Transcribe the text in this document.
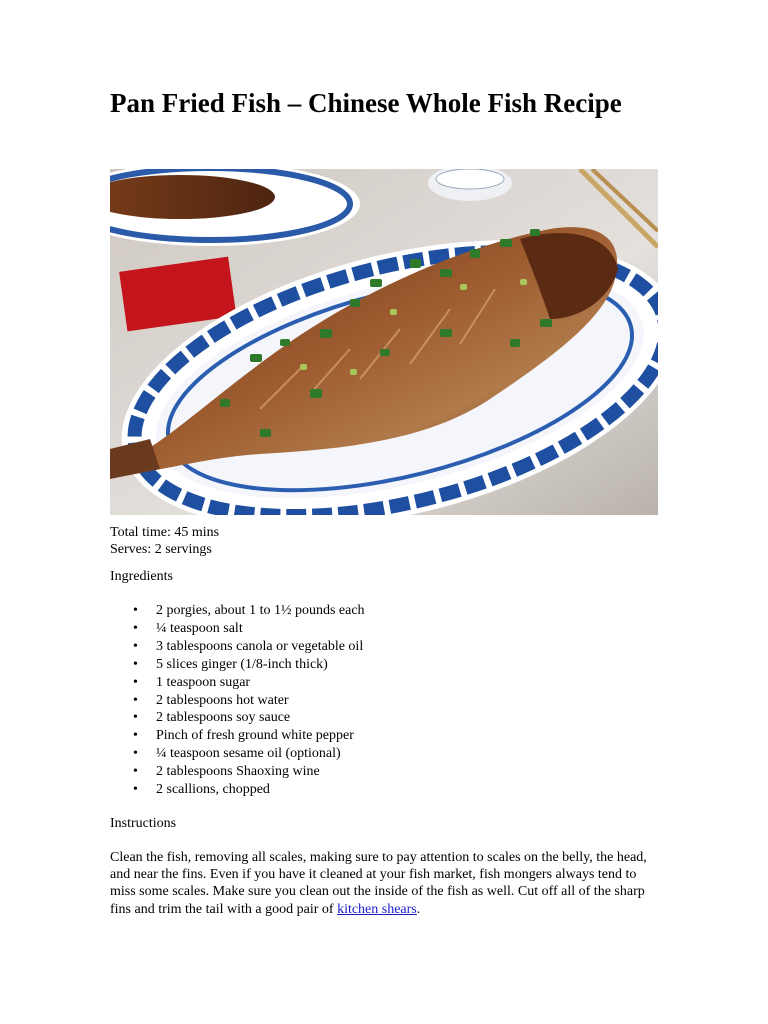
Pan Fried Fish – Chinese Whole Fish Recipe
Total time: 45 mins
Serves: 2 servings
Ingredients
• 2 porgies, about 1 to 1½ pounds each
• ¼ teaspoon salt
• 3 tablespoons canola or vegetable oil
• 5 slices ginger (1/8-inch thick)
• 1 teaspoon sugar
• 2 tablespoons hot water
• 2 tablespoons soy sauce
• Pinch of fresh ground white pepper
• ¼ teaspoon sesame oil (optional)
• 2 tablespoons Shaoxing wine
• 2 scallions, chopped
Instructions

Clean the fish, removing all scales, making sure to pay attention to scales on the belly, the head, and near the fins. Even if you have it cleaned at your fish market, fish mongers always tend to miss some scales. Make sure you clean out the inside of the fish as well. Cut off all of the sharp fins and trim the tail with a good pair of kitchen shears.
